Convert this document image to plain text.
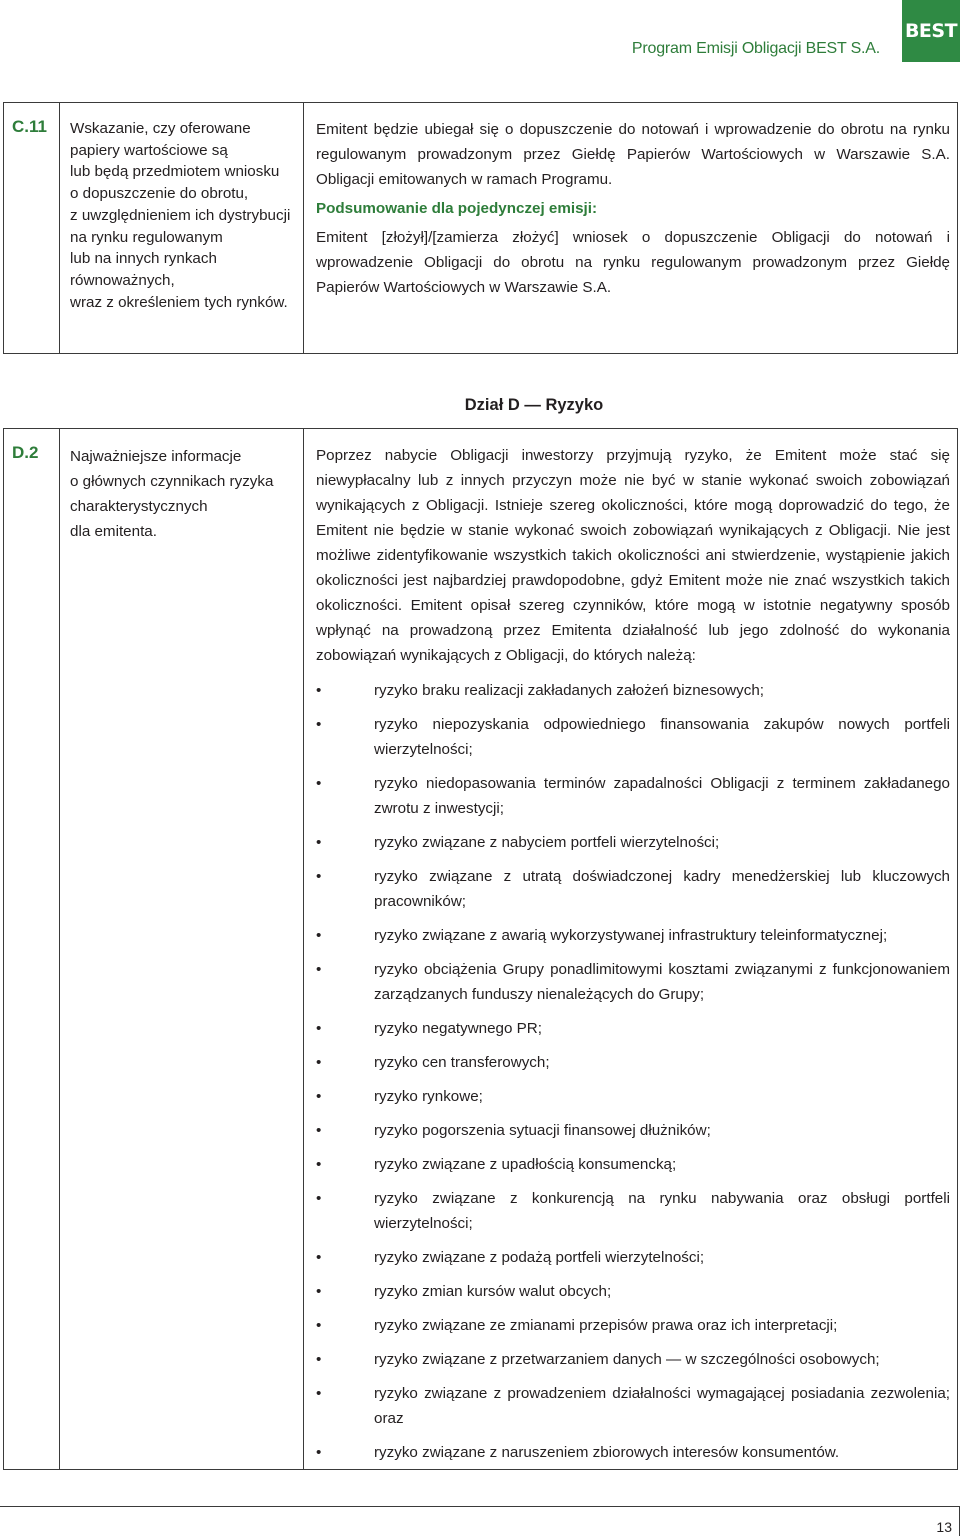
Program Emisji Obligacji BEST S.A.
BEST
C.11 Wskazanie, czy oferowane
papiery wartościowe są
lub będą przedmiotem wniosku
o dopuszczenie do obrotu,
z uwzględnieniem ich dystrybucji
na rynku regulowanym
lub na innych rynkach
równoważnych,
wraz z określeniem tych rynków.

Emitent będzie ubiegał się o dopuszczenie do notowań i wprowadzenie do obrotu na rynku regulowanym prowadzonym przez Giełdę Papierów Wartościowych w Warszawie S.A. Obligacji emitowanych w ramach Programu.

Podsumowanie dla pojedynczej emisji:

Emitent [złożył]/[zamierza złożyć] wniosek o dopuszczenie Obligacji do notowań i wprowadzenie Obligacji do obrotu na rynku regulowanym prowadzonym przez Giełdę Papierów Wartościowych w Warszawie S.A.

Dział D — Ryzyko
D.2 Najważniejsze informacje
o głównych czynnikach ryzyka
charakterystycznych
dla emitenta.

Poprzez nabycie Obligacji inwestorzy przyjmują ryzyko, że Emitent może stać się niewypłacalny lub z innych przyczyn może nie być w stanie wykonać swoich zobowiązań wynikających z Obligacji. Istnieje szereg okoliczności, które mogą doprowadzić do tego, że Emitent nie będzie w stanie wykonać swoich zobowiązań wynikających z Obligacji. Nie jest możliwe zidentyfikowanie wszystkich takich okoliczności ani stwierdzenie, wystąpienie jakich okoliczności jest najbardziej prawdopodobne, gdyż Emitent może nie znać wszystkich takich okoliczności. Emitent opisał szereg czynników, które mogą w istotnie negatywny sposób wpłynąć na prowadzoną przez Emitenta działalność lub jego zdolność do wykonania zobowiązań wynikających z Obligacji, do których należą:

•	ryzyko braku realizacji zakładanych założeń biznesowych;
•	ryzyko niepozyskania odpowiedniego finansowania zakupów nowych portfeli wierzytelności;
•	ryzyko niedopasowania terminów zapadalności Obligacji z terminem zakładanego zwrotu z inwestycji;
•	ryzyko związane z nabyciem portfeli wierzytelności;
•	ryzyko związane z utratą doświadczonej kadry menedżerskiej lub kluczowych pracowników;
•	ryzyko związane z awarią wykorzystywanej infrastruktury teleinformatycznej;
•	ryzyko obciążenia Grupy ponadlimitowymi kosztami związanymi z funkcjonowaniem zarządzanych funduszy nienależących do Grupy;
•	ryzyko negatywnego PR;
•	ryzyko cen transferowych;
•	ryzyko rynkowe;
•	ryzyko pogorszenia sytuacji finansowej dłużników;
•	ryzyko związane z upadłością konsumencką;
•	ryzyko związane z konkurencją na rynku nabywania oraz obsługi portfeli wierzytelności;
•	ryzyko związane z podażą portfeli wierzytelności;
•	ryzyko zmian kursów walut obcych;
•	ryzyko związane ze zmianami przepisów prawa oraz ich interpretacji;
•	ryzyko związane z przetwarzaniem danych — w szczególności osobowych;
•	ryzyko związane z prowadzeniem działalności wymagającej posiadania zezwolenia; oraz
•	ryzyko związane z naruszeniem zbiorowych interesów konsumentów.
13
